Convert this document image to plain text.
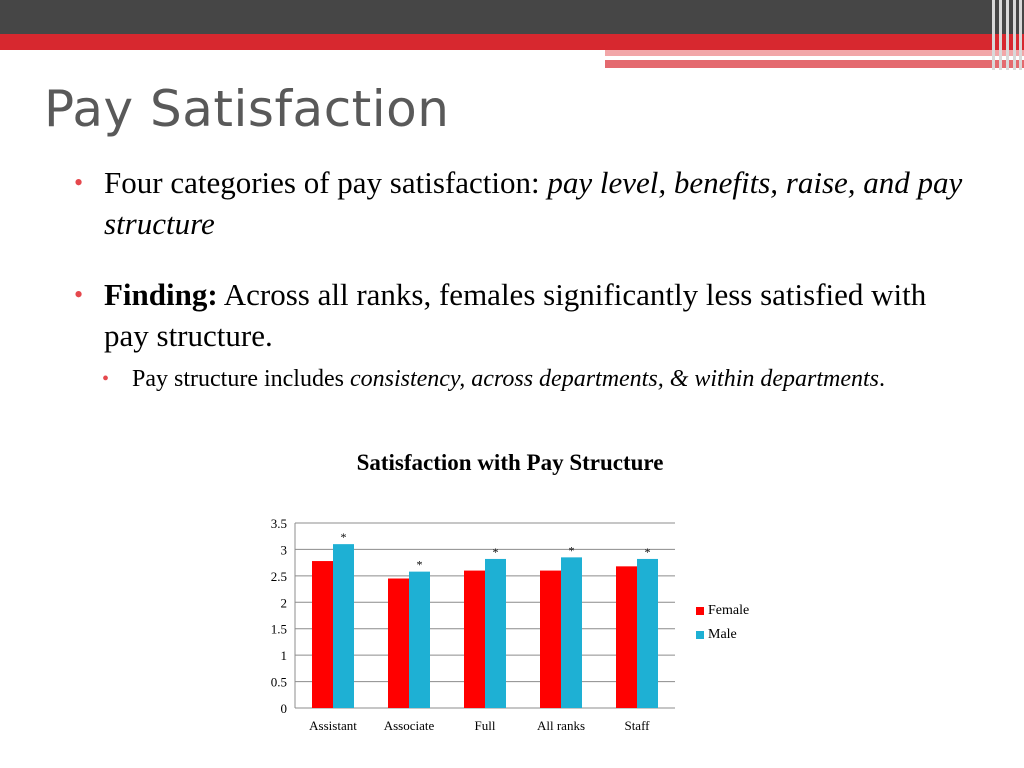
Pay Satisfaction
• Four categories of pay satisfaction: pay level, benefits, raise, and pay structure
• Finding: Across all ranks, females significantly less satisfied with pay structure.
• Pay structure includes consistency, across departments, & within departments.
Satisfaction with Pay Structure
0
0.5
1
1.5
2
2.5
3
3.5
*
Assistant
*
Associate
*
Full
*
All ranks
*
Staff
Female
Male
